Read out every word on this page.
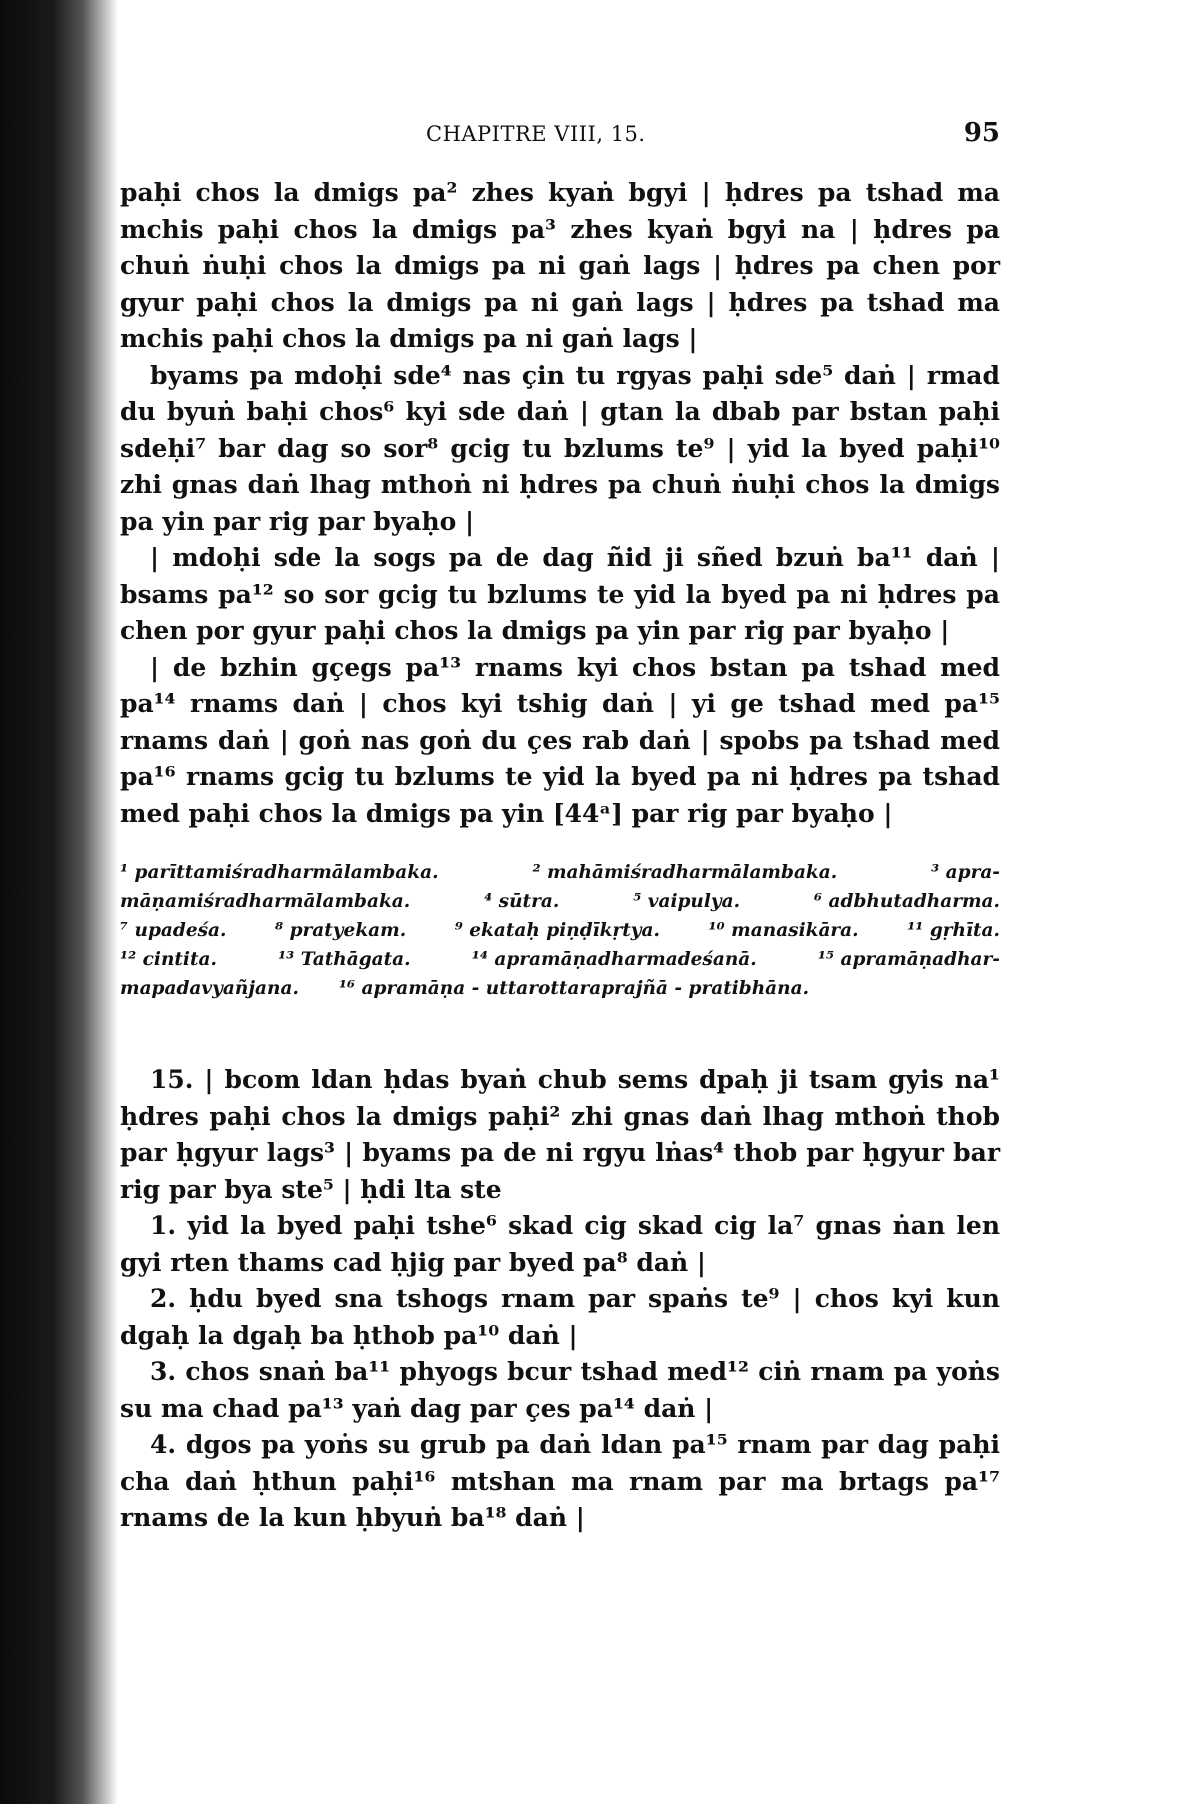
CHAPITRE VIII, 15.	95

paḥi chos la dmigs pa² zhes kyaṅ bgyi | ḥdres pa tshad ma mchis paḥi chos la dmigs pa³ zhes kyaṅ bgyi na | ḥdres pa chuṅ ṅuḥi chos la dmigs pa ni gaṅ lags | ḥdres pa chen por gyur paḥi chos la dmigs pa ni gaṅ lags | ḥdres pa tshad ma mchis paḥi chos la dmigs pa ni gaṅ lags |

byams pa mdoḥi sde⁴ nas çin tu rgyas paḥi sde⁵ daṅ | rmad du byuṅ baḥi chos⁶ kyi sde daṅ | gtan la dbab par bstan paḥi sdeḥi⁷ bar dag so sor⁸ gcig tu bzlums te⁹ | yid la byed paḥi¹⁰ zhi gnas daṅ lhag mthoṅ ni ḥdres pa chuṅ ṅuḥi chos la dmigs pa yin par rig par byaḥo |

| mdoḥi sde la sogs pa de dag ñid ji sñed bzuṅ ba¹¹ daṅ | bsams pa¹² so sor gcig tu bzlums te yid la byed pa ni ḥdres pa chen por gyur paḥi chos la dmigs pa yin par rig par byaḥo |

| de bzhin gçegs pa¹³ rnams kyi chos bstan pa tshad med pa¹⁴ rnams daṅ | chos kyi tshig daṅ | yi ge tshad med pa¹⁵ rnams daṅ | goṅ nas goṅ du çes rab daṅ | spobs pa tshad med pa¹⁶ rnams gcig tu bzlums te yid la byed pa ni ḥdres pa tshad med paḥi chos la dmigs pa yin [44ᵃ] par rig par byaḥo |

¹ parīttamiśradharmālambaka.	² mahāmiśradharmālambaka.	³ apra-
māṇamiśradharmālambaka.	⁴ sūtra.	⁵ vaipulya.	⁶ adbhutadharma.
⁷ upadeśa.	⁸ pratyekam.	⁹ ekataḥ piṇḍīkṛtya.	¹⁰ manasikāra.	¹¹ gṛhīta.
¹² cintita.	¹³ Tathāgata.	¹⁴ apramāṇadharmadeśanā.	¹⁵ apramāṇadhar-
mapadavyañjana. ¹⁶ apramāṇa - uttarottaraprajñā - pratibhāna.

15. | bcom ldan ḥdas byaṅ chub sems dpaḥ ji tsam gyis na¹ ḥdres paḥi chos la dmigs paḥi² zhi gnas daṅ lhag mthoṅ thob par ḥgyur lags³ | byams pa de ni rgyu lṅas⁴ thob par ḥgyur bar rig par bya ste⁵ | ḥdi lta ste

1. yid la byed paḥi tshe⁶ skad cig skad cig la⁷ gnas ṅan len gyi rten thams cad ḥjig par byed pa⁸ daṅ |

2. ḥdu byed sna tshogs rnam par spaṅs te⁹ | chos kyi kun dgaḥ la dgaḥ ba ḥthob pa¹⁰ daṅ |

3. chos snaṅ ba¹¹ phyogs bcur tshad med¹² ciṅ rnam pa yoṅs su ma chad pa¹³ yaṅ dag par çes pa¹⁴ daṅ |

4. dgos pa yoṅs su grub pa daṅ ldan pa¹⁵ rnam par dag paḥi cha daṅ ḥthun paḥi¹⁶ mtshan ma rnam par ma brtags pa¹⁷ rnams de la kun ḥbyuṅ ba¹⁸ daṅ |
